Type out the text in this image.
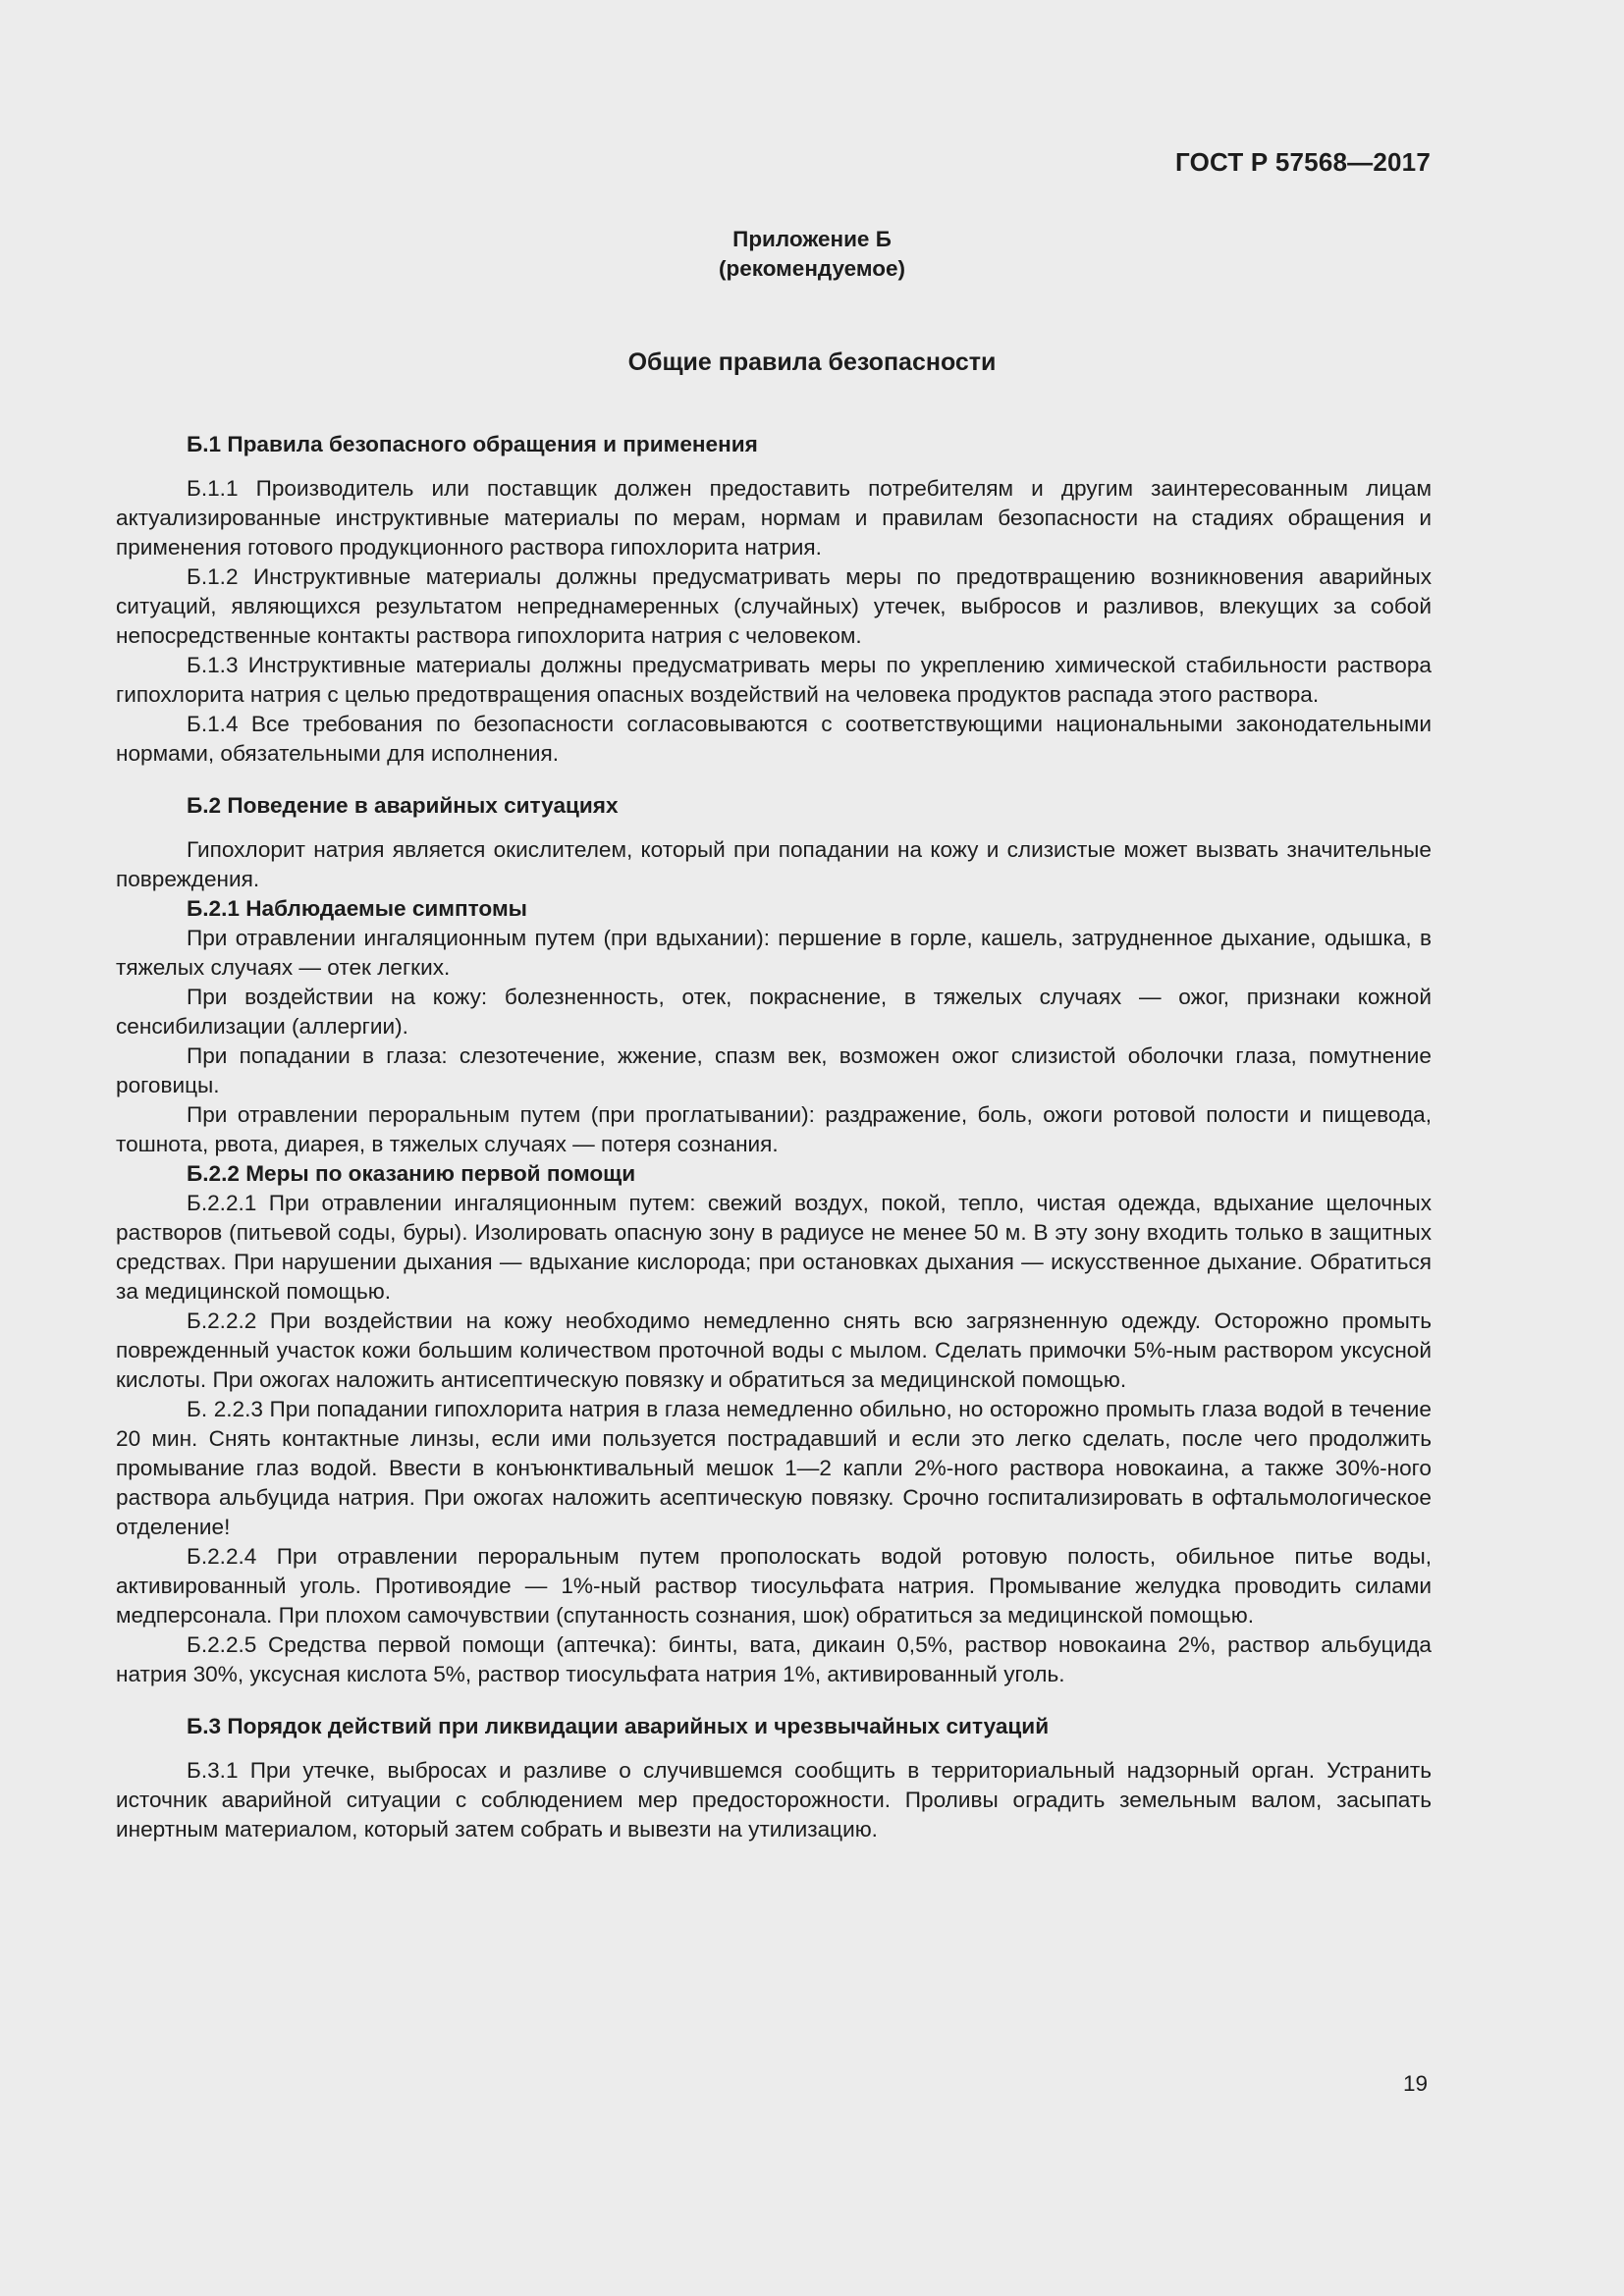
ГОСТ Р 57568—2017
Приложение Б
(рекомендуемое)
Общие правила безопасности
Б.1 Правила безопасного обращения и применения

Б.1.1 Производитель или поставщик должен предоставить потребителям и другим заинтересованным лицам актуализированные инструктивные материалы по мерам, нормам и правилам безопасности на стадиях обращения и применения готового продукционного раствора гипохлорита натрия.

Б.1.2 Инструктивные материалы должны предусматривать меры по предотвращению возникновения аварийных ситуаций, являющихся результатом непреднамеренных (случайных) утечек, выбросов и разливов, влекущих за собой непосредственные контакты раствора гипохлорита натрия с человеком.

Б.1.3 Инструктивные материалы должны предусматривать меры по укреплению химической стабильности раствора гипохлорита натрия с целью предотвращения опасных воздействий на человека продуктов распада этого раствора.

Б.1.4 Все требования по безопасности согласовываются с соответствующими национальными законодательными нормами, обязательными для исполнения.

Б.2 Поведение в аварийных ситуациях

Гипохлорит натрия является окислителем, который при попадании на кожу и слизистые может вызвать значительные повреждения.

Б.2.1 Наблюдаемые симптомы

При отравлении ингаляционным путем (при вдыхании): першение в горле, кашель, затрудненное дыхание, одышка, в тяжелых случаях — отек легких.

При воздействии на кожу: болезненность, отек, покраснение, в тяжелых случаях — ожог, признаки кожной сенсибилизации (аллергии).

При попадании в глаза: слезотечение, жжение, спазм век, возможен ожог слизистой оболочки глаза, помутнение роговицы.

При отравлении пероральным путем (при проглатывании): раздражение, боль, ожоги ротовой полости и пищевода, тошнота, рвота, диарея, в тяжелых случаях — потеря сознания.

Б.2.2 Меры по оказанию первой помощи

Б.2.2.1 При отравлении ингаляционным путем: свежий воздух, покой, тепло, чистая одежда, вдыхание щелочных растворов (питьевой соды, буры). Изолировать опасную зону в радиусе не менее 50 м. В эту зону входить только в защитных средствах. При нарушении дыхания — вдыхание кислорода; при остановках дыхания — искусственное дыхание. Обратиться за медицинской помощью.

Б.2.2.2 При воздействии на кожу необходимо немедленно снять всю загрязненную одежду. Осторожно промыть поврежденный участок кожи большим количеством проточной воды с мылом. Сделать примочки 5%-ным раствором уксусной кислоты. При ожогах наложить антисептическую повязку и обратиться за медицинской помощью.

Б. 2.2.3 При попадании гипохлорита натрия в глаза немедленно обильно, но осторожно промыть глаза водой в течение 20 мин. Снять контактные линзы, если ими пользуется пострадавший и если это легко сделать, после чего продолжить промывание глаз водой. Ввести в конъюнктивальный мешок 1—2 капли 2%-ного раствора новокаина, а также 30%-ного раствора альбуцида натрия. При ожогах наложить асептическую повязку. Срочно госпитализировать в офтальмологическое отделение!

Б.2.2.4 При отравлении пероральным путем прополоскать водой ротовую полость, обильное питье воды, активированный уголь. Противоядие — 1%-ный раствор тиосульфата натрия. Промывание желудка проводить силами медперсонала. При плохом самочувствии (спутанность сознания, шок) обратиться за медицинской помощью.

Б.2.2.5 Средства первой помощи (аптечка): бинты, вата, дикаин 0,5%, раствор новокаина 2%, раствор альбуцида натрия 30%, уксусная кислота 5%, раствор тиосульфата натрия 1%, активированный уголь.

Б.3 Порядок действий при ликвидации аварийных и чрезвычайных ситуаций

Б.3.1 При утечке, выбросах и разливе о случившемся сообщить в территориальный надзорный орган. Устранить источник аварийной ситуации с соблюдением мер предосторожности. Проливы оградить земельным валом, засыпать инертным материалом, который затем собрать и вывезти на утилизацию.

19
